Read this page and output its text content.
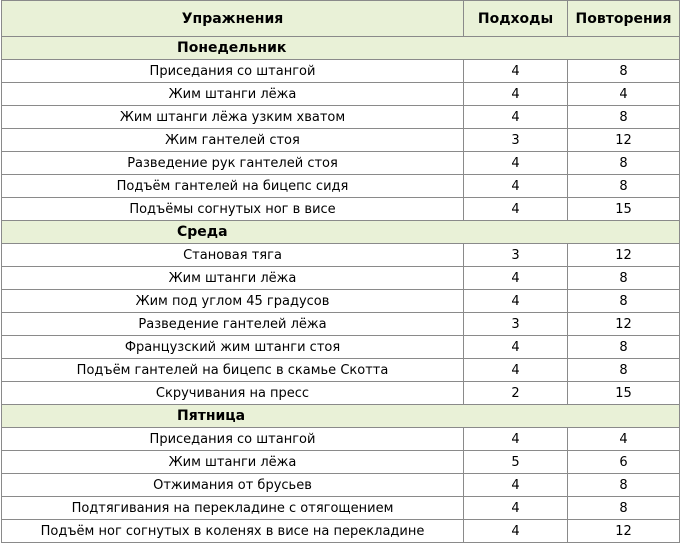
Упражнения	Подходы	Повторения
Понедельник		
Приседания со штангой	4	8
Жим штанги лёжа	4	4
Жим штанги лёжа узким хватом	4	8
Жим гантелей стоя	3	12
Разведение рук гантелей стоя	4	8
Подъём гантелей на бицепс сидя	4	8
Подъёмы согнутых ног в висе	4	15
Среда		
Становая тяга	3	12
Жим штанги лёжа	4	8
Жим под углом 45 градусов	4	8
Разведение гантелей лёжа	3	12
Французский жим штанги стоя	4	8
Подъём гантелей на бицепс в скамье Скотта	4	8
Скручивания на пресс	2	15
Пятница		
Приседания со штангой	4	4
Жим штанги лёжа	5	6
Отжимания от брусьев	4	8
Подтягивания на перекладине с отягощением	4	8
Подъём ног согнутых в коленях в висе на перекладине	4	12
